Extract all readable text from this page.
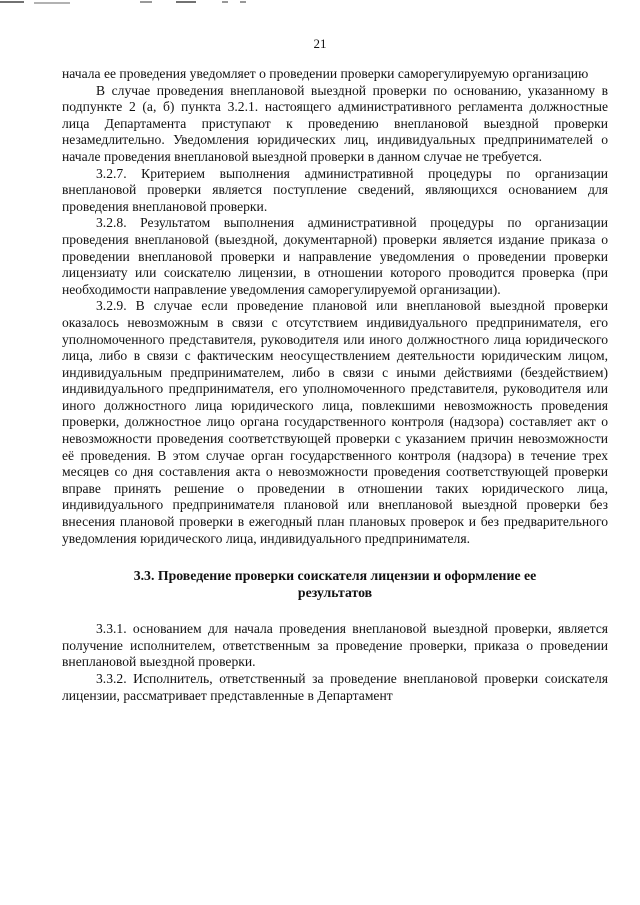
21

начала ее проведения уведомляет о проведении проверки саморегулируемую организацию

В случае проведения внеплановой выездной проверки по основанию, указанному в подпункте 2 (а, б) пункта 3.2.1. настоящего административного регламента должностные лица Департамента приступают к проведению внеплановой выездной проверки незамедлительно. Уведомления юридических лиц, индивидуальных предпринимателей о начале проведения внеплановой выездной проверки в данном случае не требуется.

3.2.7. Критерием выполнения административной процедуры по организации внеплановой проверки является поступление сведений, являющихся основанием для проведения внеплановой проверки.

3.2.8. Результатом выполнения административной процедуры по организации проведения внеплановой (выездной, документарной) проверки является издание приказа о проведении внеплановой проверки и направление уведомления о проведении проверки лицензиату или соискателю лицензии, в отношении которого проводится проверка (при необходимости направление уведомления саморегулируемой организации).

3.2.9. В случае если проведение плановой или внеплановой выездной проверки оказалось невозможным в связи с отсутствием индивидуального предпринимателя, его уполномоченного представителя, руководителя или иного должностного лица юридического лица, либо в связи с фактическим неосуществлением деятельности юридическим лицом, индивидуальным предпринимателем, либо в связи с иными действиями (бездействием) индивидуального предпринимателя, его уполномоченного представителя, руководителя или иного должностного лица юридического лица, повлекшими невозможность проведения проверки, должностное лицо органа государственного контроля (надзора) составляет акт о невозможности проведения соответствующей проверки с указанием причин невозможности её проведения. В этом случае орган государственного контроля (надзора) в течение трех месяцев со дня составления акта о невозможности проведения соответствующей проверки вправе принять решение о проведении в отношении таких юридического лица, индивидуального предпринимателя плановой или внеплановой выездной проверки без внесения плановой проверки в ежегодный план плановых проверок и без предварительного уведомления юридического лица, индивидуального предпринимателя.

3.3. Проведение проверки соискателя лицензии и оформление ее результатов

3.3.1. основанием для начала проведения внеплановой выездной проверки, является получение исполнителем, ответственным за проведение проверки, приказа о проведении внеплановой выездной проверки.

3.3.2. Исполнитель, ответственный за проведение внеплановой проверки соискателя лицензии, рассматривает представленные в Департамент
